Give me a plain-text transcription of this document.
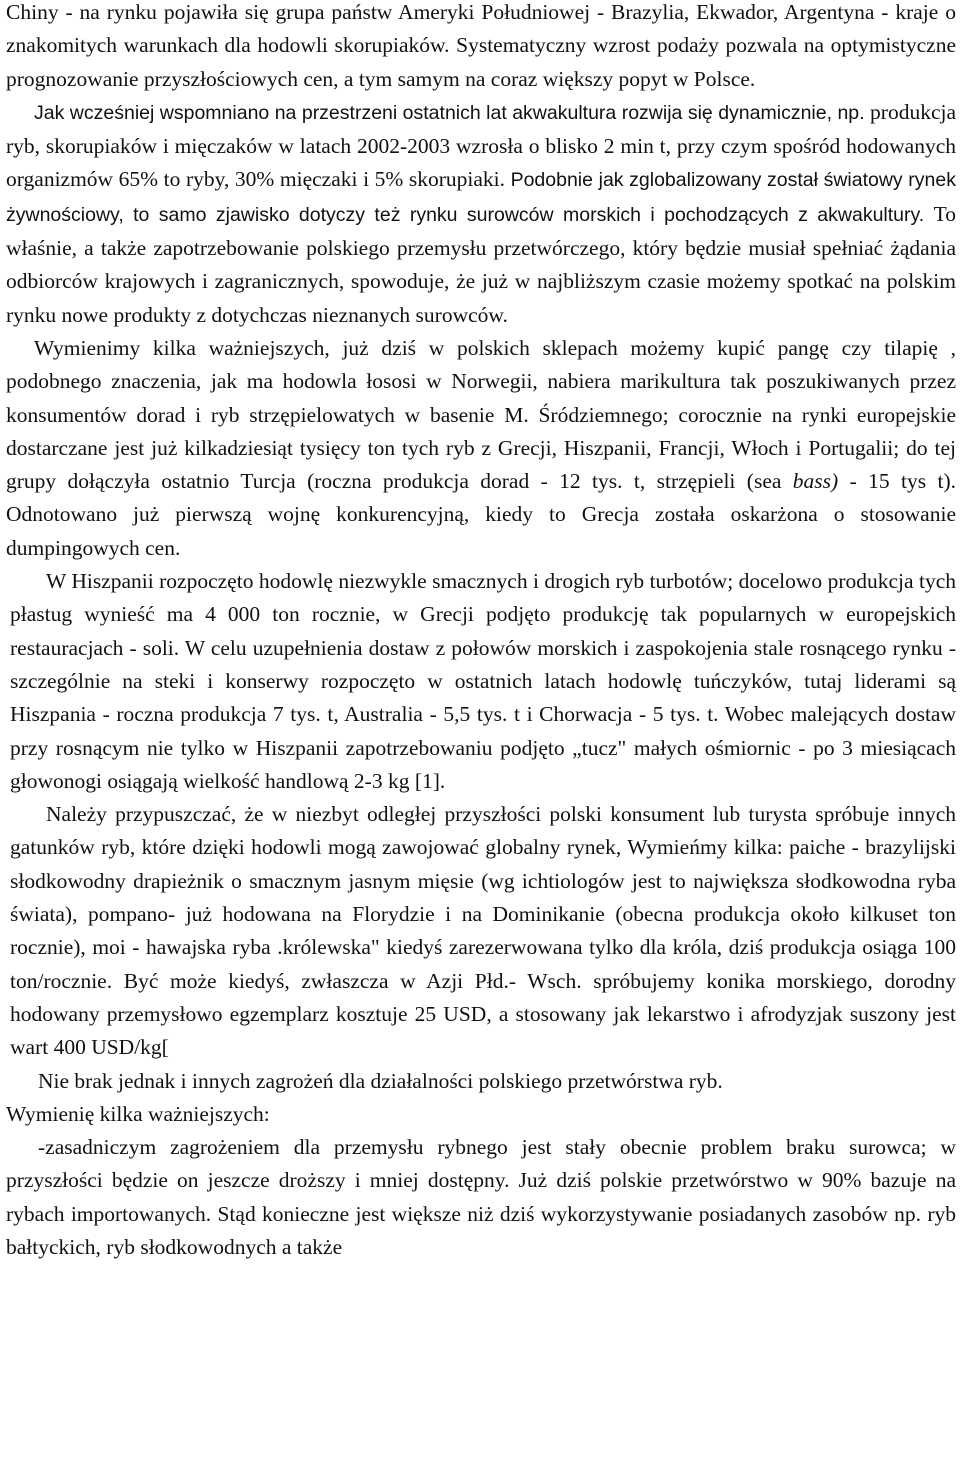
Chiny - na rynku pojawiła się grupa państw Ameryki Południowej - Brazylia, Ekwador, Argentyna - kraje o znakomitych warunkach dla hodowli skorupiaków. Systematyczny wzrost podaży pozwala na optymistyczne prognozowanie przyszłościowych cen, a tym samym na coraz większy popyt w Polsce.

Jak wcześniej wspomniano na przestrzeni ostatnich lat akwakultura rozwija się dynamicznie, np. produkcja ryb, skorupiaków i mięczaków w latach 2002-2003 wzrosła o blisko 2 min t, przy czym spośród hodowanych organizmów 65% to ryby, 30% mięczaki i 5% skorupiaki. Podobnie jak zglobalizowany został światowy rynek żywnościowy, to samo zjawisko dotyczy też rynku surowców morskich i pochodzących z akwakultury. To właśnie, a także zapotrzebowanie polskiego przemysłu przetwórczego, który będzie musiał spełniać żądania odbiorców krajowych i zagranicznych, spowoduje, że już w najbliższym czasie możemy spotkać na polskim rynku nowe produkty z dotychczas nieznanych surowców.

Wymienimy kilka ważniejszych, już dziś w polskich sklepach możemy kupić pangę czy tilapię , podobnego znaczenia, jak ma hodowla łososi w Norwegii, nabiera marikultura tak poszukiwanych przez konsumentów dorad i ryb strzępielowatych w basenie M. Śródziemnego; corocznie na rynki europejskie dostarczane jest już kilkadziesiąt tysięcy ton tych ryb z Grecji, Hiszpanii, Francji, Włoch i Portugalii; do tej grupy dołączyła ostatnio Turcja (roczna produkcja dorad - 12 tys. t, strzępieli (sea bass) - 15 tys t). Odnotowano już pierwszą wojnę konkurencyjną, kiedy to Grecja została oskarżona o stosowanie dumpingowych cen.

W Hiszpanii rozpoczęto hodowlę niezwykle smacznych i drogich ryb turbotów; docelowo produkcja tych płastug wynieść ma 4 000 ton rocznie, w Grecji podjęto produkcję tak popularnych w europejskich restauracjach - soli. W celu uzupełnienia dostaw z połowów morskich i zaspokojenia stale rosnącego rynku - szczególnie na steki i konserwy rozpoczęto w ostatnich latach hodowlę tuńczyków, tutaj liderami są Hiszpania - roczna produkcja 7 tys. t, Australia - 5,5 tys. t i Chorwacja - 5 tys. t. Wobec malejących dostaw przy rosnącym nie tylko w Hiszpanii zapotrzebowaniu podjęto „tucz" małych ośmiornic - po 3 miesiącach głowonogi osiągają wielkość handlową 2-3 kg [1].

Należy przypuszczać, że w niezbyt odległej przyszłości polski konsument lub turysta spróbuje innych gatunków ryb, które dzięki hodowli mogą zawojować globalny rynek, Wymieńmy kilka: paiche - brazylijski słodkowodny drapieżnik o smacznym jasnym mięsie (wg ichtiologów jest to największa słodkowodna ryba świata), pompano- już hodowana na Florydzie i na Dominikanie (obecna produkcja około kilkuset ton rocznie), moi - hawajska ryba .królewska" kiedyś zarezerwowana tylko dla króla, dziś produkcja osiąga 100 ton/rocznie. Być może kiedyś, zwłaszcza w Azji Płd.- Wsch. spróbujemy konika morskiego, dorodny hodowany przemysłowo egzemplarz kosztuje 25 USD, a stosowany jak lekarstwo i afrodyzjak suszony jest wart 400 USD/kg[

Nie brak jednak i innych zagrożeń dla działalności polskiego przetwórstwa ryb.

Wymienię kilka ważniejszych:

-zasadniczym zagrożeniem dla przemysłu rybnego jest stały obecnie problem braku surowca; w przyszłości będzie on jeszcze droższy i mniej dostępny. Już dziś polskie przetwórstwo w 90% bazuje na rybach importowanych. Stąd konieczne jest większe niż dziś wykorzystywanie posiadanych zasobów np. ryb bałtyckich, ryb słodkowodnych a także
